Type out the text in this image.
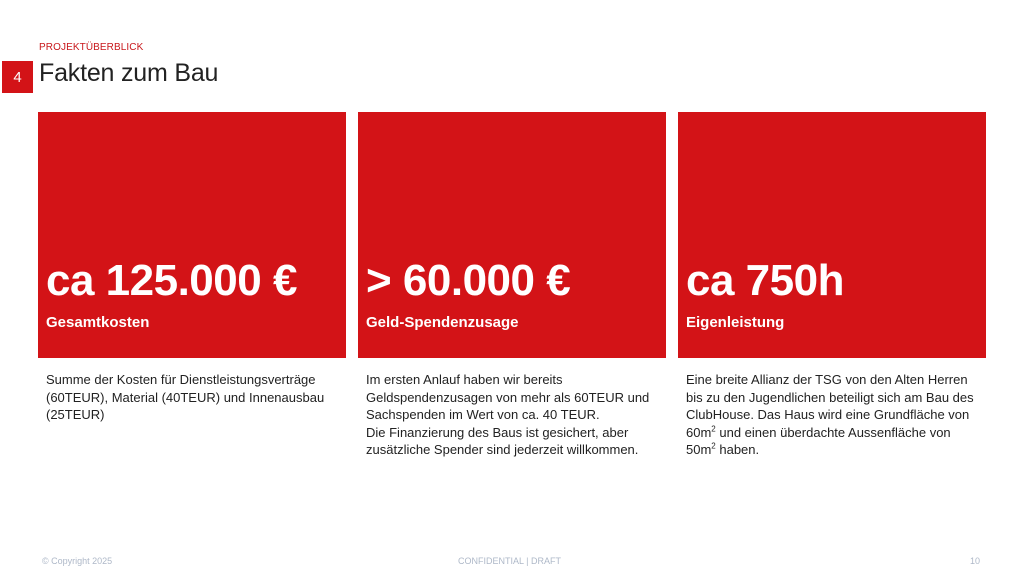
PROJEKTÜBERBLICK
4 Fakten zum Bau
ca 125.000 €
Gesamtkosten
> 60.000 €
Geld-Spendenzusage
ca 750h
Eigenleistung
Summe der Kosten für Dienstleistungsverträge (60TEUR), Material (40TEUR) und Innenausbau (25TEUR)
Im ersten Anlauf haben wir bereits Geldspendenzusagen von mehr als 60TEUR und Sachspenden im Wert von ca. 40 TEUR.
Die Finanzierung des Baus ist gesichert, aber zusätzliche Spender sind jederzeit willkommen.
Eine breite Allianz der TSG von den Alten Herren bis zu den Jugendlichen beteiligt sich am Bau des ClubHouse. Das Haus wird eine Grundfläche von $60m^2$ und einen überdachte Aussenfläche von $50m^2$ haben.
© Copyright 2025	CONFIDENTIAL | DRAFT	10
